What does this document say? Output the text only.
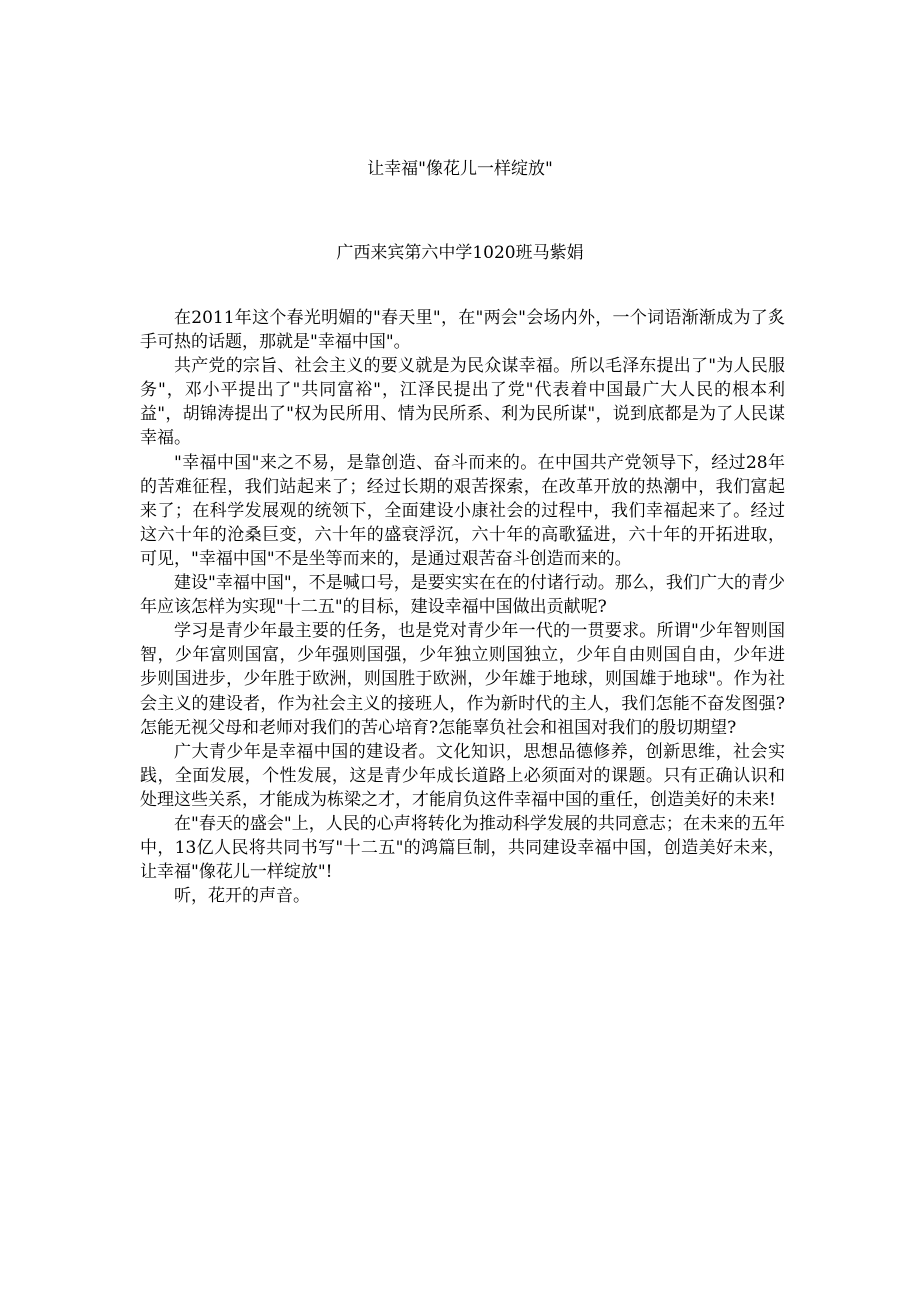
让幸福"像花儿一样绽放"

广西来宾第六中学1020班马紫娟

在2011年这个春光明媚的"春天里"，在"两会"会场内外，一个词语渐渐成为了炙手可热的话题，那就是"幸福中国"。

共产党的宗旨、社会主义的要义就是为民众谋幸福。所以毛泽东提出了"为人民服务"，邓小平提出了"共同富裕"，江泽民提出了党"代表着中国最广大人民的根本利益"，胡锦涛提出了"权为民所用、情为民所系、利为民所谋"，说到底都是为了人民谋幸福。

"幸福中国"来之不易，是靠创造、奋斗而来的。在中国共产党领导下，经过28年的苦难征程，我们站起来了；经过长期的艰苦探索，在改革开放的热潮中，我们富起来了；在科学发展观的统领下，全面建设小康社会的过程中，我们幸福起来了。经过这六十年的沧桑巨变，六十年的盛衰浮沉，六十年的高歌猛进，六十年的开拓进取，可见，"幸福中国"不是坐等而来的，是通过艰苦奋斗创造而来的。

建设"幸福中国"，不是喊口号，是要实实在在的付诸行动。那么，我们广大的青少年应该怎样为实现"十二五"的目标，建设幸福中国做出贡献呢?

学习是青少年最主要的任务，也是党对青少年一代的一贯要求。所谓"少年智则国智，少年富则国富，少年强则国强，少年独立则国独立，少年自由则国自由，少年进步则国进步，少年胜于欧洲，则国胜于欧洲，少年雄于地球，则国雄于地球"。作为社会主义的建设者，作为社会主义的接班人，作为新时代的主人，我们怎能不奋发图强?怎能无视父母和老师对我们的苦心培育?怎能辜负社会和祖国对我们的殷切期望?

广大青少年是幸福中国的建设者。文化知识，思想品德修养，创新思维，社会实践，全面发展，个性发展，这是青少年成长道路上必须面对的课题。只有正确认识和处理这些关系，才能成为栋梁之才，才能肩负这件幸福中国的重任，创造美好的未来!

在"春天的盛会"上，人民的心声将转化为推动科学发展的共同意志；在未来的五年中，13亿人民将共同书写"十二五"的鸿篇巨制，共同建设幸福中国，创造美好未来，让幸福"像花儿一样绽放"!

听，花开的声音。
